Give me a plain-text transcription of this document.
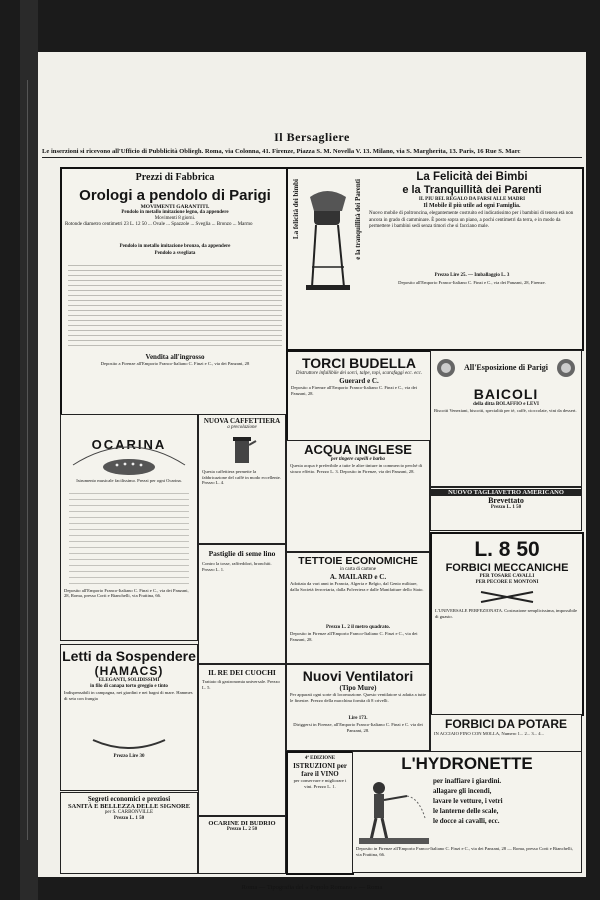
Il Bersagliere
Le inserzioni si ricevono all'Ufficio di Pubblicità Obliegh. Roma, via Colonna, 41. Firenze, Piazza S. M. Novella V. 13. Milano, via S. Margherita, 13. Paris, 16 Rue S. Marc
Prezzi di Fabbrica
Orologi a pendolo di Parigi
MOVIMENTI GARANTITI.
Pendolo in metallo imitazione legno, da appendere
Movimenti 8 giorni.
Rotonde diametro centimetri 23 L. 12 50 ... Ovale ... Spazzole ... Sveglia ... Bronzo ... Marmo
Pendolo in metallo imitazione bronzo, da appendere
Pendolo a svegliata
Vendita all'ingrosso
Deposito a Firenze all'Emporio Franco-Italiano C. Finzi e C., via dei Panzani, 28
La felicità dei bimbi	e la tranquillità dei Parenti
La Felicità dei Bimbi
e la Tranquillità dei Parenti
IL PIU BEL REGALO DA FARSI ALLE MADRI
Il Mobile il più utile ad ogni Famiglia.
Nuovo mobile di poltroncina, elegantemente costruito ed indicatissimo per i bambini di tenera età non ancora in grado di camminare. È posto sopra un piano, a pochi centimetri da terra, e in modo da permettere i bambini sedi senza timori che si facciano male.
Prezzo Lire 25. — Imballaggio L. 3
Deposito all'Emporio Franco-Italiano C. Finzi e C., via dei Panzani, 28, Firenze.
TORCI BUDELLA
Distruttore infallibile dei sorci, talpe, topi, scarafaggi ecc. ecc.
Guerard e C.
Deposito a Firenze all'Emporio Franco-Italiano C. Finzi e C., via dei Panzani, 28.
All'Esposizione di Parigi
BAICOLI
della ditta BOLAFFIO e LEVI
Biscotti Veneziani, biscotti, specialità per tè, caffè, cioccolate, vini da dessert.
ACQUA INGLESE
per tingere capelli e barba
Questa acqua è preferibile a tutte le altre tinture in commercio perché di sicuro effetto. Prezzo L. 3. Deposito in Firenze, via dei Panzani, 28.
NUOVO TAGLIAVETRO AMERICANO
Brevettato
Prezzo L. 1 50
OCARINA
Istrumento musicale facilissimo. Prezzi per ogni Ocarina.
Deposito all'Emporio Franco-Italiano C. Finzi e C., via dei Panzani, 28, Roma, presso Corti e Bianchelli, via Frattina, 66.
NUOVA CAFFETTIERA
a precolazione
Questa caffettiera permette la fabbricazione del caffè in modo eccellente. Prezzo L. 4.
Pastiglie di seme lino
Contro la tosse, raffreddori, bronchiti. Prezzo L. 1.
TETTOIE ECONOMICHE
in carta di cartone
A. MAILARD e C.
Adottata da vari anni in Francia, Algeria e Belgio, dal Genio militare, dalla Società ferroviaria, dalla Polveriera e dalle Manifatture dello Stato.
Prezzo L. 2 il metro quadrato.
Deposito in Firenze all'Emporio Franco-Italiano C. Finzi e C., via dei Panzani, 28.
L. 8 50
FORBICI MECCANICHE
PER TOSARE CAVALLI
PER PECORE E MONTONI
L'UNIVERSALE PERFEZIONATA. Costruzione semplicissima, impossibile di guasto.
Letti da Sospendere
(HAMACS)
ELEGANTI, SOLIDISSIMI
in filo di canapa torto greggio e tinto
Indispensabili in campagna, nei giardini e nei bagni di mare. Hammes di seta con frangia
Prezzo Lire 30
Segreti economici e preziosi
SANITÀ E BELLEZZA DELLE SIGNORE
per S. CARBONVILLE
Prezzo L. 1 50
IL RE DEI CUOCHI
Trattato di gastronomia universale. Prezzo L. 5.
OCARINE DI BUDRIO
Prezzo L. 2 50
Nuovi Ventilatori
(Tipo Mure)
Per apparati ogni sorte di locomozione. Questo ventilatore si adatta a tutte le finestre. Prezzo della macchina fornita di 8 crivelli.
Lire 173.
Diriggersi in Firenze, all'Emporio Franco-Italiano C. Finzi e C. via dei Panzani, 28.	FORBICI DA POTARE
IN ACCIAIO FINO CON MOLLA, Numero 1... 2... 3... 4...
4ª EDIZIONE
ISTRUZIONI per fare il VINO
per conservare e migliorare i vini. Prezzo L. 1.
L'HYDRONETTE
per inaffiare i giardini.
allagare gli incendi,
lavare le vetture, i vetri
le lanterne delle scale,
le docce ai cavalli, ecc.
Deposito in Firenze all'Emporio Franco-Italiano C. Finzi e C., via dei Panzani, 28 — Roma, presso Corti e Bianchelli, via Frattina, 66.
Roma — Tipografia del « Popolo Romano » — Roma
